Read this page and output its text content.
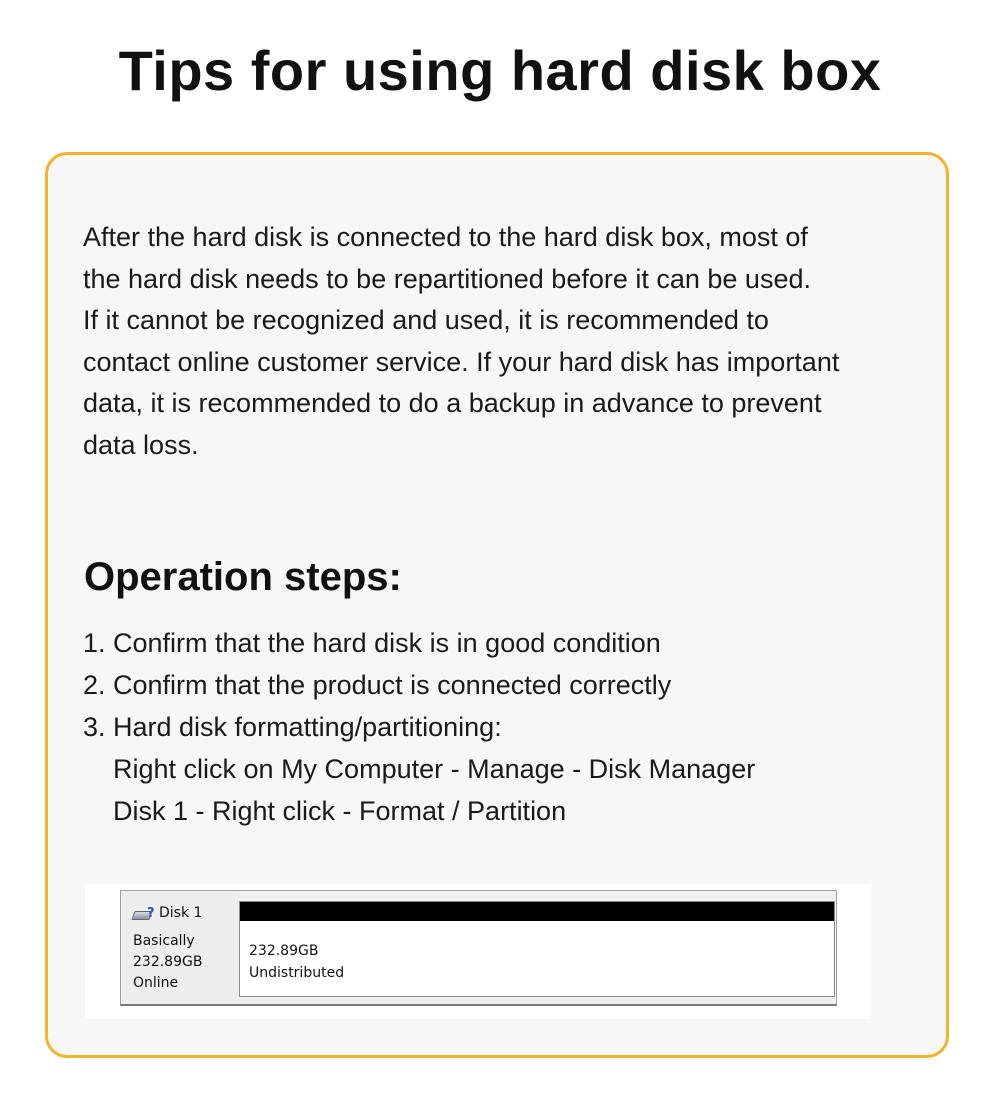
Tips for using hard disk box

After the hard disk is connected to the hard disk box, most of

the hard disk needs to be repartitioned before it can be used.

If it cannot be recognized and used, it is recommended to

contact online customer service. If your hard disk has important

data, it is recommended to do a backup in advance to prevent

data loss.

Operation steps:
1. Confirm that the hard disk is in good condition
2. Confirm that the product is connected correctly
3. Hard disk formatting/partitioning:
Right click on My Computer - Manage - Disk Manager
Disk 1 - Right click - Format / Partition
? Disk 1
Basically
232.89GB
Online
232.89GB
Undistributed
